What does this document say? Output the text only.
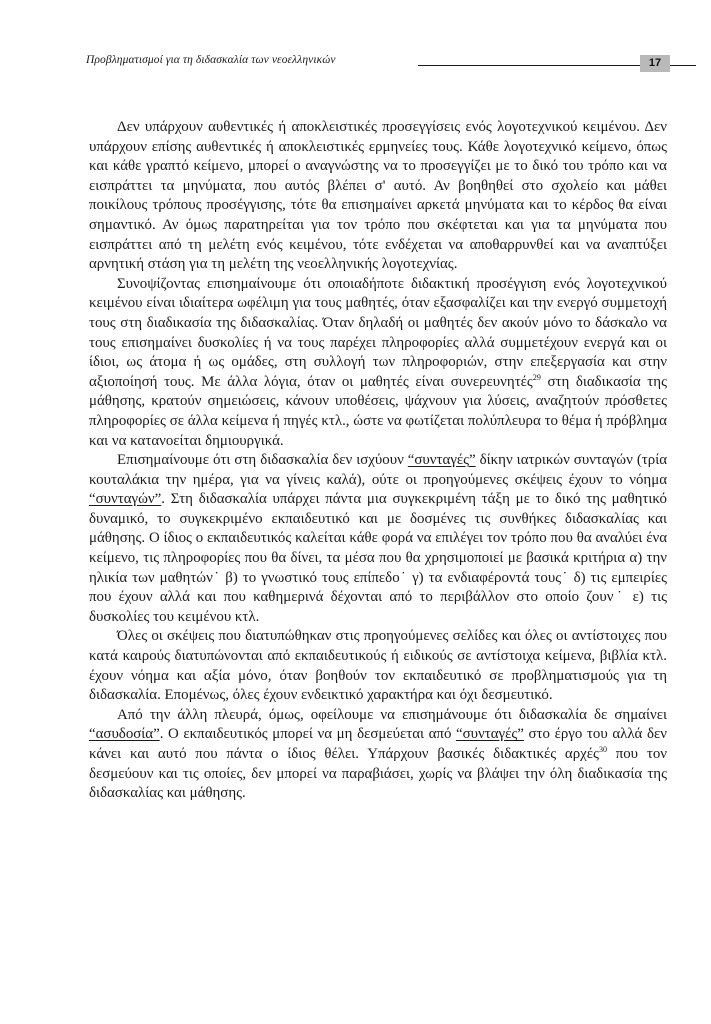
Προβληματισμοί για τη διδασκαλία των νεοελληνικών	17

Δεν υπάρχουν αυθεντικές ή αποκλειστικές προσεγγίσεις ενός λογοτεχνικού κειμένου. Δεν υπάρχουν επίσης αυθεντικές ή αποκλειστικές ερμηνείες τους. Κάθε λογοτεχνικό κείμενο, όπως και κάθε γραπτό κείμενο, μπορεί ο αναγνώστης να το προσεγγίζει με το δικό του τρόπο και να εισπράττει τα μηνύματα, που αυτός βλέπει σ' αυτό. Αν βοηθηθεί στο σχολείο και μάθει ποικίλους τρόπους προσέγγισης, τότε θα επισημαίνει αρκετά μηνύματα και το κέρδος θα είναι σημαντικό. Αν όμως παρατηρείται για τον τρόπο που σκέφτεται και για τα μηνύματα που εισπράττει από τη μελέτη ενός κειμένου, τότε ενδέχεται να αποθαρρυνθεί και να αναπτύξει αρνητική στάση για τη μελέτη της νεοελληνικής λογοτεχνίας.

Συνοψίζοντας επισημαίνουμε ότι οποιαδήποτε διδακτική προσέγγιση ενός λογοτεχνικού κειμένου είναι ιδιαίτερα ωφέλιμη για τους μαθητές, όταν εξασφαλίζει και την ενεργό συμμετοχή τους στη διαδικασία της διδασκαλίας. Όταν δηλαδή οι μαθητές δεν ακούν μόνο το δάσκαλο να τους επισημαίνει δυσκολίες ή να τους παρέχει πληροφορίες αλλά συμμετέχουν ενεργά και οι ίδιοι, ως άτομα ή ως ομάδες, στη συλλογή των πληροφοριών, στην επεξεργασία και στην αξιοποίησή τους. Με άλλα λόγια, όταν οι μαθητές είναι συνερευνητές$^{29}$ στη διαδικασία της μάθησης, κρατούν σημειώσεις, κάνουν υποθέσεις, ψάχνουν για λύσεις, αναζητούν πρόσθετες πληροφορίες σε άλλα κείμενα ή πηγές κτλ., ώστε να φωτίζεται πολύπλευρα το θέμα ή πρόβλημα και να κατανοείται δημιουργικά.

Επισημαίνουμε ότι στη διδασκαλία δεν ισχύουν “συνταγές” δίκην ιατρικών συνταγών (τρία κουταλάκια την ημέρα, για να γίνεις καλά), ούτε οι προηγούμενες σκέψεις έχουν το νόημα “συνταγών”. Στη διδασκαλία υπάρχει πάντα μια συγκεκριμένη τάξη με το δικό της μαθητικό δυναμικό, το συγκεκριμένο εκπαιδευτικό και με δοσμένες τις συνθήκες διδασκαλίας και μάθησης. Ο ίδιος ο εκπαιδευτικός καλείται κάθε φορά να επιλέγει τον τρόπο που θα αναλύει ένα κείμενο, τις πληροφορίες που θα δίνει, τα μέσα που θα χρησιμοποιεί με βασικά κριτήρια α) την ηλικία των μαθητών˙ β) το γνωστικό τους επίπεδο˙ γ) τα ενδιαφέροντά τους˙ δ) τις εμπειρίες που έχουν αλλά και που καθημερινά δέχονται από το περιβάλλον στο οποίο ζουν˙ ε) τις δυσκολίες του κειμένου κτλ.

Όλες οι σκέψεις που διατυπώθηκαν στις προηγούμενες σελίδες και όλες οι αντίστοιχες που κατά καιρούς διατυπώνονται από εκπαιδευτικούς ή ειδικούς σε αντίστοιχα κείμενα, βιβλία κτλ. έχουν νόημα και αξία μόνο, όταν βοηθούν τον εκπαιδευτικό σε προβληματισμούς για τη διδασκαλία. Επομένως, όλες έχουν ενδεικτικό χαρακτήρα και όχι δεσμευτικό.

Από την άλλη πλευρά, όμως, οφείλουμε να επισημάνουμε ότι διδασκαλία δε σημαίνει “ασυδοσία”. Ο εκπαιδευτικός μπορεί να μη δεσμεύεται από “συνταγές” στο έργο του αλλά δεν κάνει και αυτό που πάντα ο ίδιος θέλει. Υπάρχουν βασικές διδακτικές αρχές$^{30}$ που τον δεσμεύουν και τις οποίες, δεν μπορεί να παραβιάσει, χωρίς να βλάψει την όλη διαδικασία της διδασκαλίας και μάθησης.
